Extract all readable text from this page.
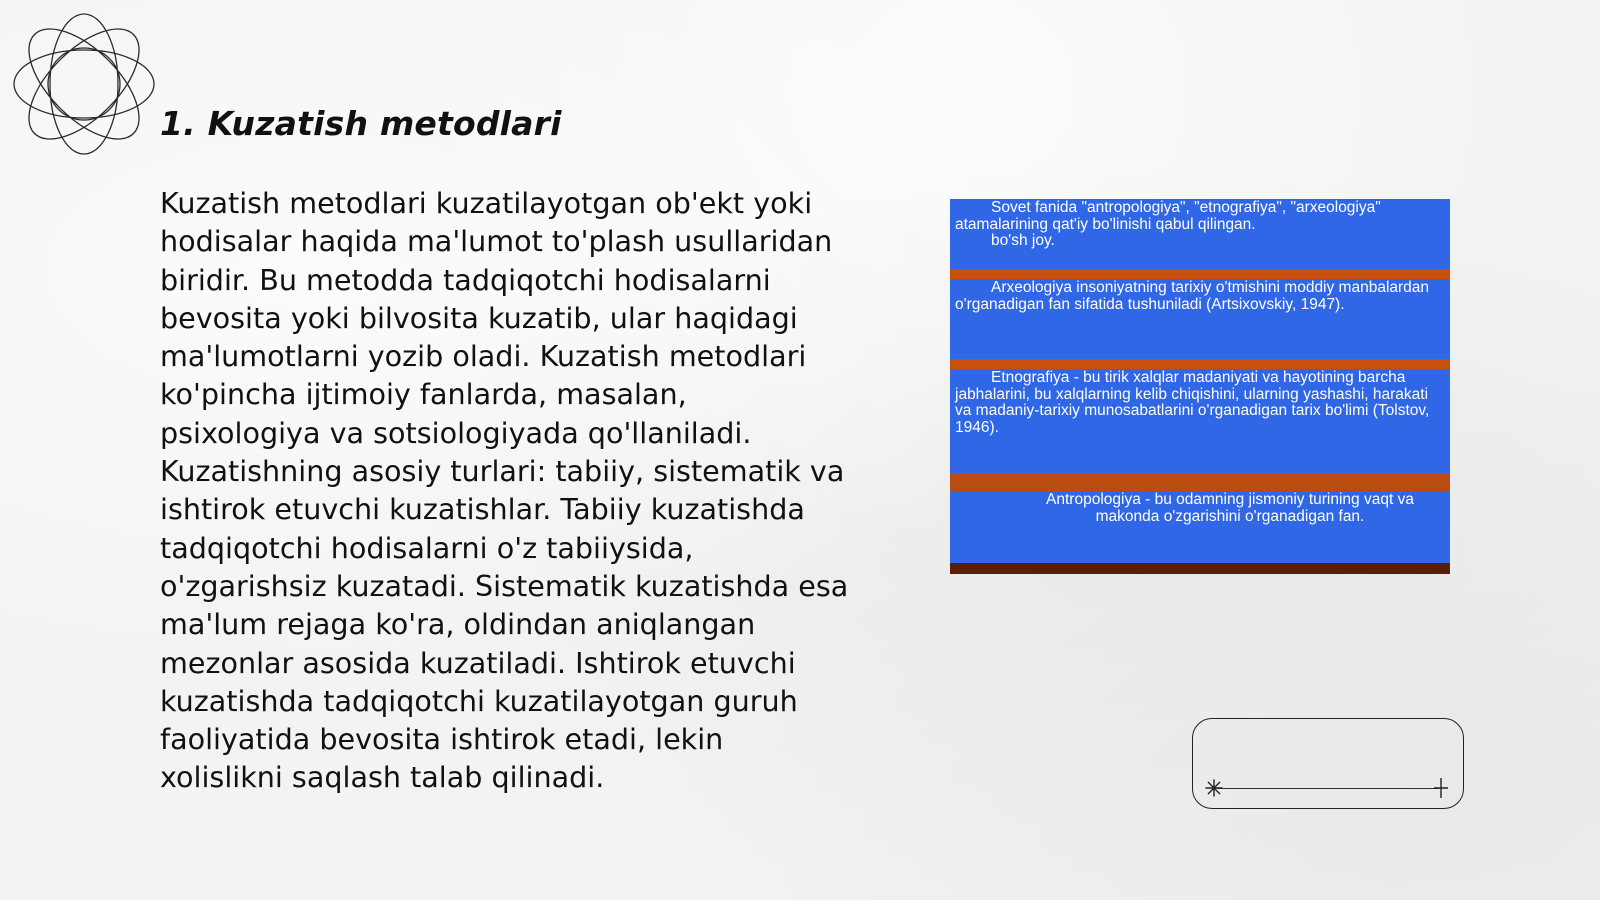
1. Kuzatish metodlari

Kuzatish metodlari kuzatilayotgan ob'ekt yoki hodisalar haqida ma'lumot to'plash usullaridan biridir. Bu metodda tadqiqotchi hodisalarni bevosita yoki bilvosita kuzatib, ular haqidagi ma'lumotlarni yozib oladi. Kuzatish metodlari ko'pincha ijtimoiy fanlarda, masalan, psixologiya va sotsiologiyada qo'llaniladi. Kuzatishning asosiy turlari: tabiiy, sistematik va ishtirok etuvchi kuzatishlar. Tabiiy kuzatishda tadqiqotchi hodisalarni o'z tabiiysida, o'zgarishsiz kuzatadi. Sistematik kuzatishda esa ma'lum rejaga ko'ra, oldindan aniqlangan mezonlar asosida kuzatiladi. Ishtirok etuvchi kuzatishda tadqiqotchi kuzatilayotgan guruh faoliyatida bevosita ishtirok etadi, lekin xolislikni saqlash talab qilinadi.

Sovet fanida "antropologiya", "etnografiya", "arxeologiya" atamalarining qat'iy bo'linishi qabul qilingan.

bo'sh joy.

Arxeologiya insoniyatning tarixiy o'tmishini moddiy manbalardan o'rganadigan fan sifatida tushuniladi (Artsixovskiy, 1947).

Etnografiya - bu tirik xalqlar madaniyati va hayotining barcha jabhalarini, bu xalqlarning kelib chiqishini, ularning yashashi, harakati va madaniy-tarixiy munosabatlarini o'rganadigan tarix bo'limi (Tolstov, 1946).

Antropologiya - bu odamning jismoniy turining vaqt va makonda o'zgarishini o'rganadigan fan.
